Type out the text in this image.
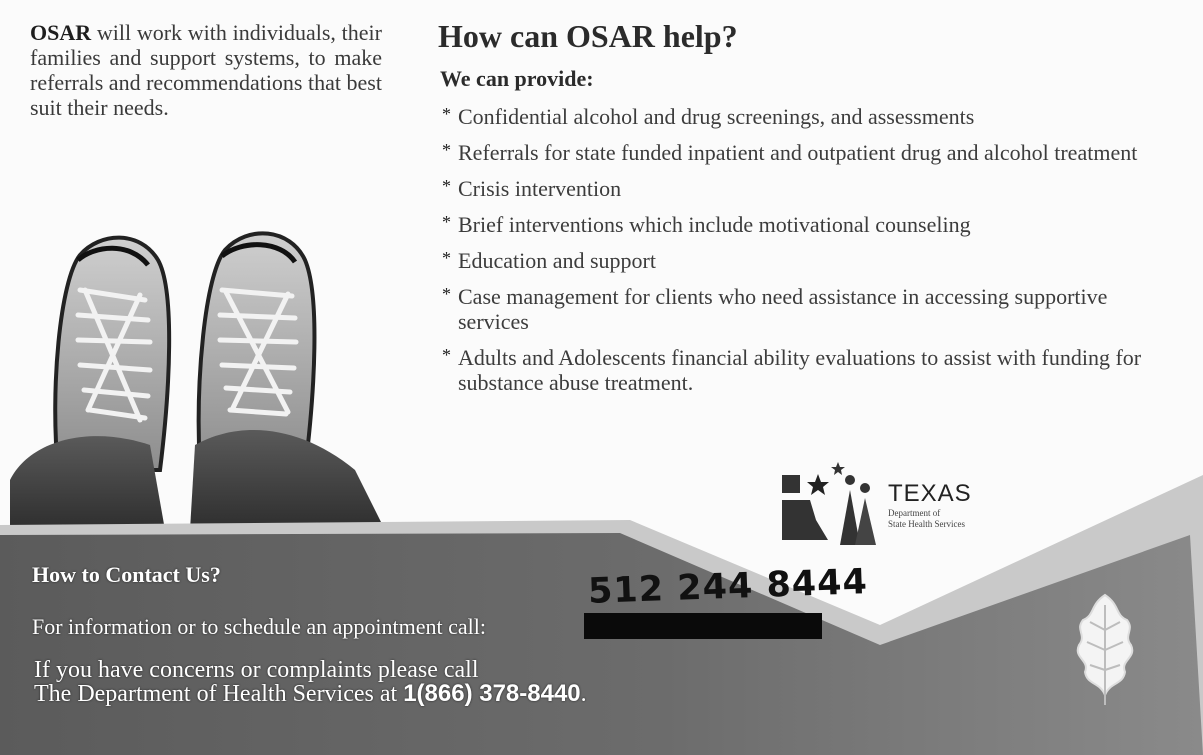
OSAR will work with individuals, their families and support systems, to make referrals and recommendations that best suit their needs.
How can OSAR help?
We can provide:
* Confidential alcohol and drug screenings, and assessments
* Referrals for state funded inpatient and outpatient drug and alcohol treatment
* Crisis intervention
* Brief interventions which include motivational counseling
* Education and support
* Case management for clients who need assistance in accessing supportive services
* Adults and Adolescents financial ability evaluations to assist with funding for substance abuse treatment.
TEXAS
Department of
State Health Services
How to Contact Us?
For information or to schedule an appointment call:
512 244 8444
If you have concerns or complaints please call
The Department of Health Services at 1(866) 378-8440.
